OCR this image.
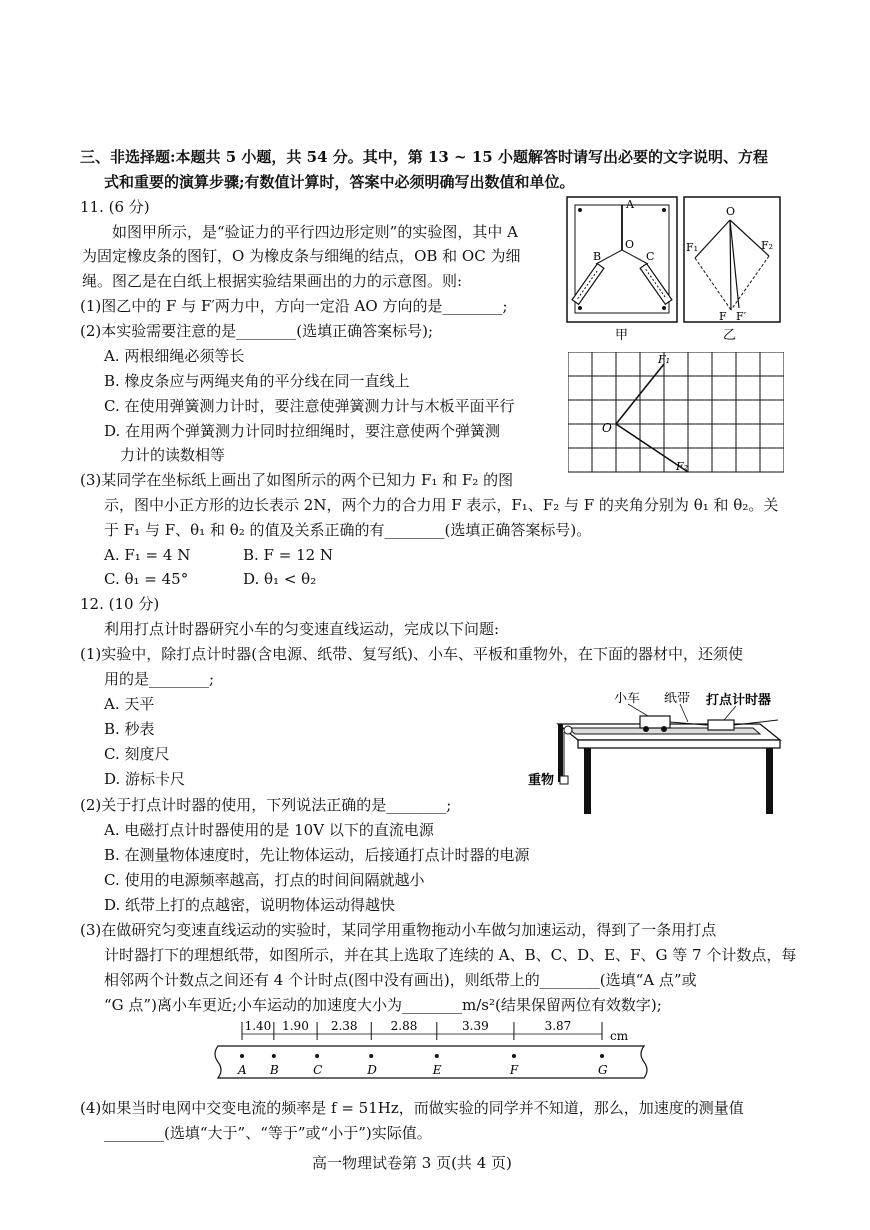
三、非选择题:本题共 5 小题，共 54 分。其中，第 13 ~ 15 小题解答时请写出必要的文字说明、方程
式和重要的演算步骤;有数值计算时，答案中必须明确写出数值和单位。
11. (6 分)
如图甲所示，是“验证力的平行四边形定则”的实验图，其中 A
为固定橡皮条的图钉，O 为橡皮条与细绳的结点，OB 和 OC 为细
绳。图乙是在白纸上根据实验结果画出的力的示意图。则:
(1)图乙中的 F 与 F′两力中，方向一定沿 AO 方向的是________;
(2)本实验需要注意的是________(选填正确答案标号);
A. 两根细绳必须等长
B. 橡皮条应与两绳夹角的平分线在同一直线上
C. 在使用弹簧测力计时，要注意使弹簧测力计与木板平面平行
D. 在用两个弹簧测力计同时拉细绳时，要注意使两个弹簧测
力计的读数相等
(3)某同学在坐标纸上画出了如图所示的两个已知力 F₁ 和 F₂ 的图
示，图中小正方形的边长表示 2N，两个力的合力用 F 表示，F₁、F₂ 与 F 的夹角分别为 θ₁ 和 θ₂。关
于 F₁ 与 F、θ₁ 和 θ₂ 的值及关系正确的有________(选填正确答案标号)。
A. F₁ = 4 N	B. F = 12 N
C. θ₁ = 45°	D. θ₁ < θ₂
A
O
B	C
甲
O
F₁	F₂
F F′
乙
O
F₁
F₂
12. (10 分)
利用打点计时器研究小车的匀变速直线运动，完成以下问题:
(1)实验中，除打点计时器(含电源、纸带、复写纸)、小车、平板和重物外，在下面的器材中，还须使
用的是________;
A. 天平
B. 秒表
C. 刻度尺
D. 游标卡尺
(2)关于打点计时器的使用，下列说法正确的是________;
A. 电磁打点计时器使用的是 10V 以下的直流电源
B. 在测量物体速度时，先让物体运动，后接通打点计时器的电源
C. 使用的电源频率越高，打点的时间间隔就越小
D. 纸带上打的点越密，说明物体运动得越快
(3)在做研究匀变速直线运动的实验时，某同学用重物拖动小车做匀加速运动，得到了一条用打点
计时器打下的理想纸带，如图所示，并在其上选取了连续的 A、B、C、D、E、F、G 等 7 个计数点，每
相邻两个计数点之间还有 4 个计时点(图中没有画出)，则纸带上的________(选填“A 点”或
“G 点”)离小车更近;小车运动的加速度大小为________m/s²(结果保留两位有效数字);
(4)如果当时电网中交变电流的频率是 f = 51Hz，而做实验的同学并不知道，那么，加速度的测量值
________(选填“大于”、“等于”或“小于”)实际值。
小车 纸带 打点计时器
重物
A B	C	D	E	F	G
1.40 1.90 2.38	2.88	3.39	3.87
cm
高一物理试卷第 3 页(共 4 页)
